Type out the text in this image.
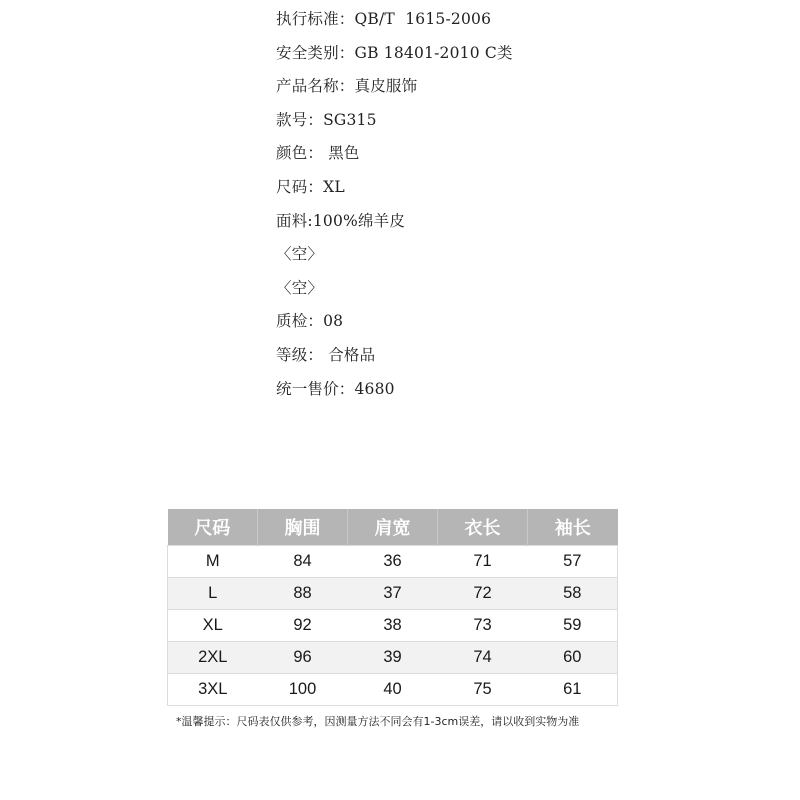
执行标准：QB/T  1615-2006
安全类别：GB 18401-2010 C类
产品名称：真皮服饰
款号：SG315
颜色： 黑色
尺码：XL
面料:100%绵羊皮
〈空〉
〈空〉
质检：08
等级： 合格品
统一售价：4680
尺码	胸围	肩宽	衣长	袖长
M	84	36	71	57
L	88	37	72	58
XL	92	38	73	59
2XL	96	39	74	60
3XL	100	40	75	61
*温馨提示：尺码表仅供参考，因测量方法不同会有1-3cm误差，请以收到实物为准
